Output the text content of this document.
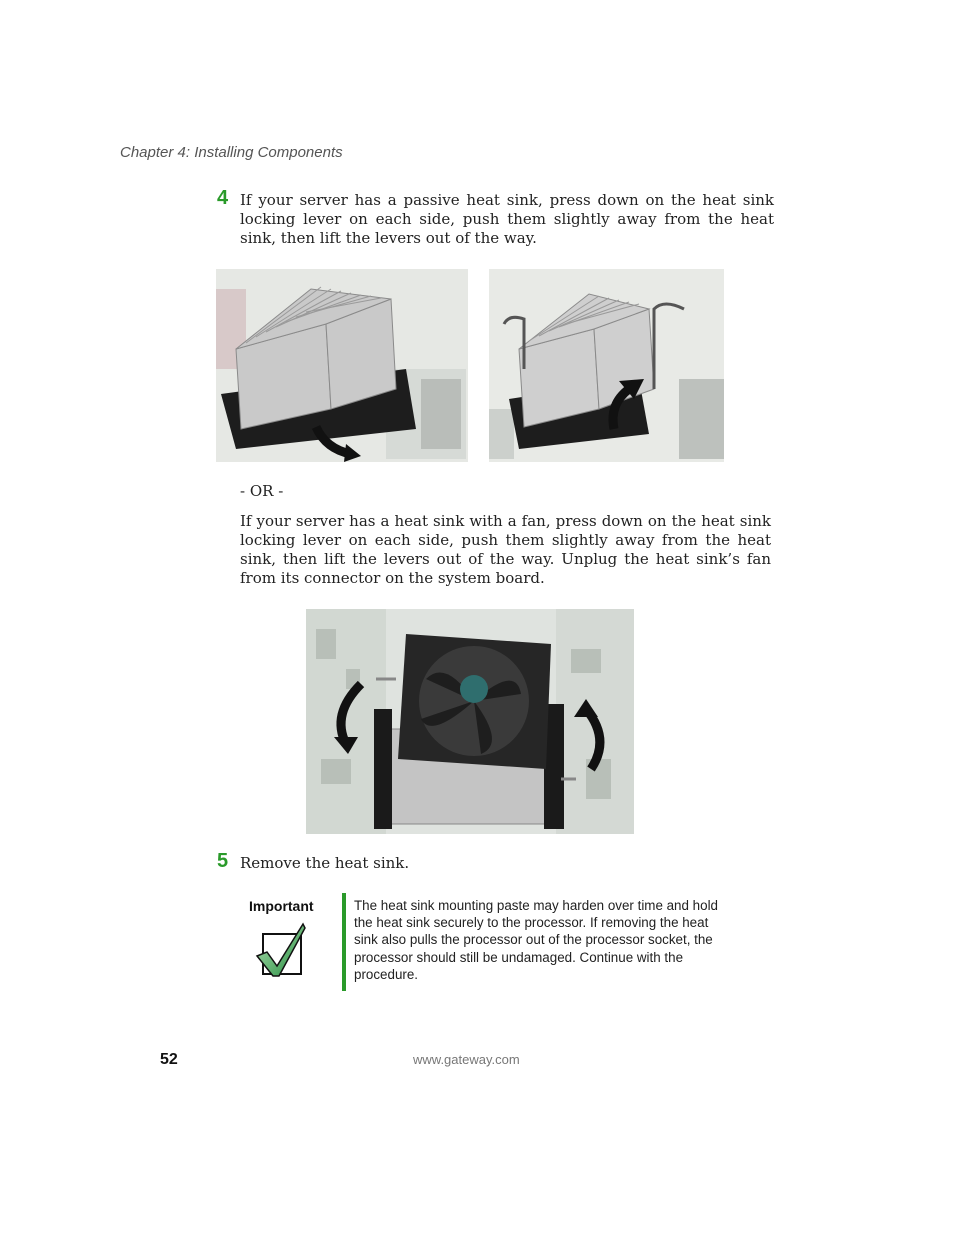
Chapter 4: Installing Components
4 If your server has a passive heat sink, press down on the heat sink locking lever on each side, push them slightly away from the heat sink, then lift the levers out of the way.
- OR -
If your server has a heat sink with a fan, press down on the heat sink locking lever on each side, push them slightly away from the heat sink, then lift the levers out of the way. Unplug the heat sink’s fan from its connector on the system board.
5 Remove the heat sink.
Important	The heat sink mounting paste may harden over time and hold the heat sink securely to the processor. If removing the heat sink also pulls the processor out of the processor socket, the processor should still be undamaged. Continue with the procedure.
52	www.gateway.com
